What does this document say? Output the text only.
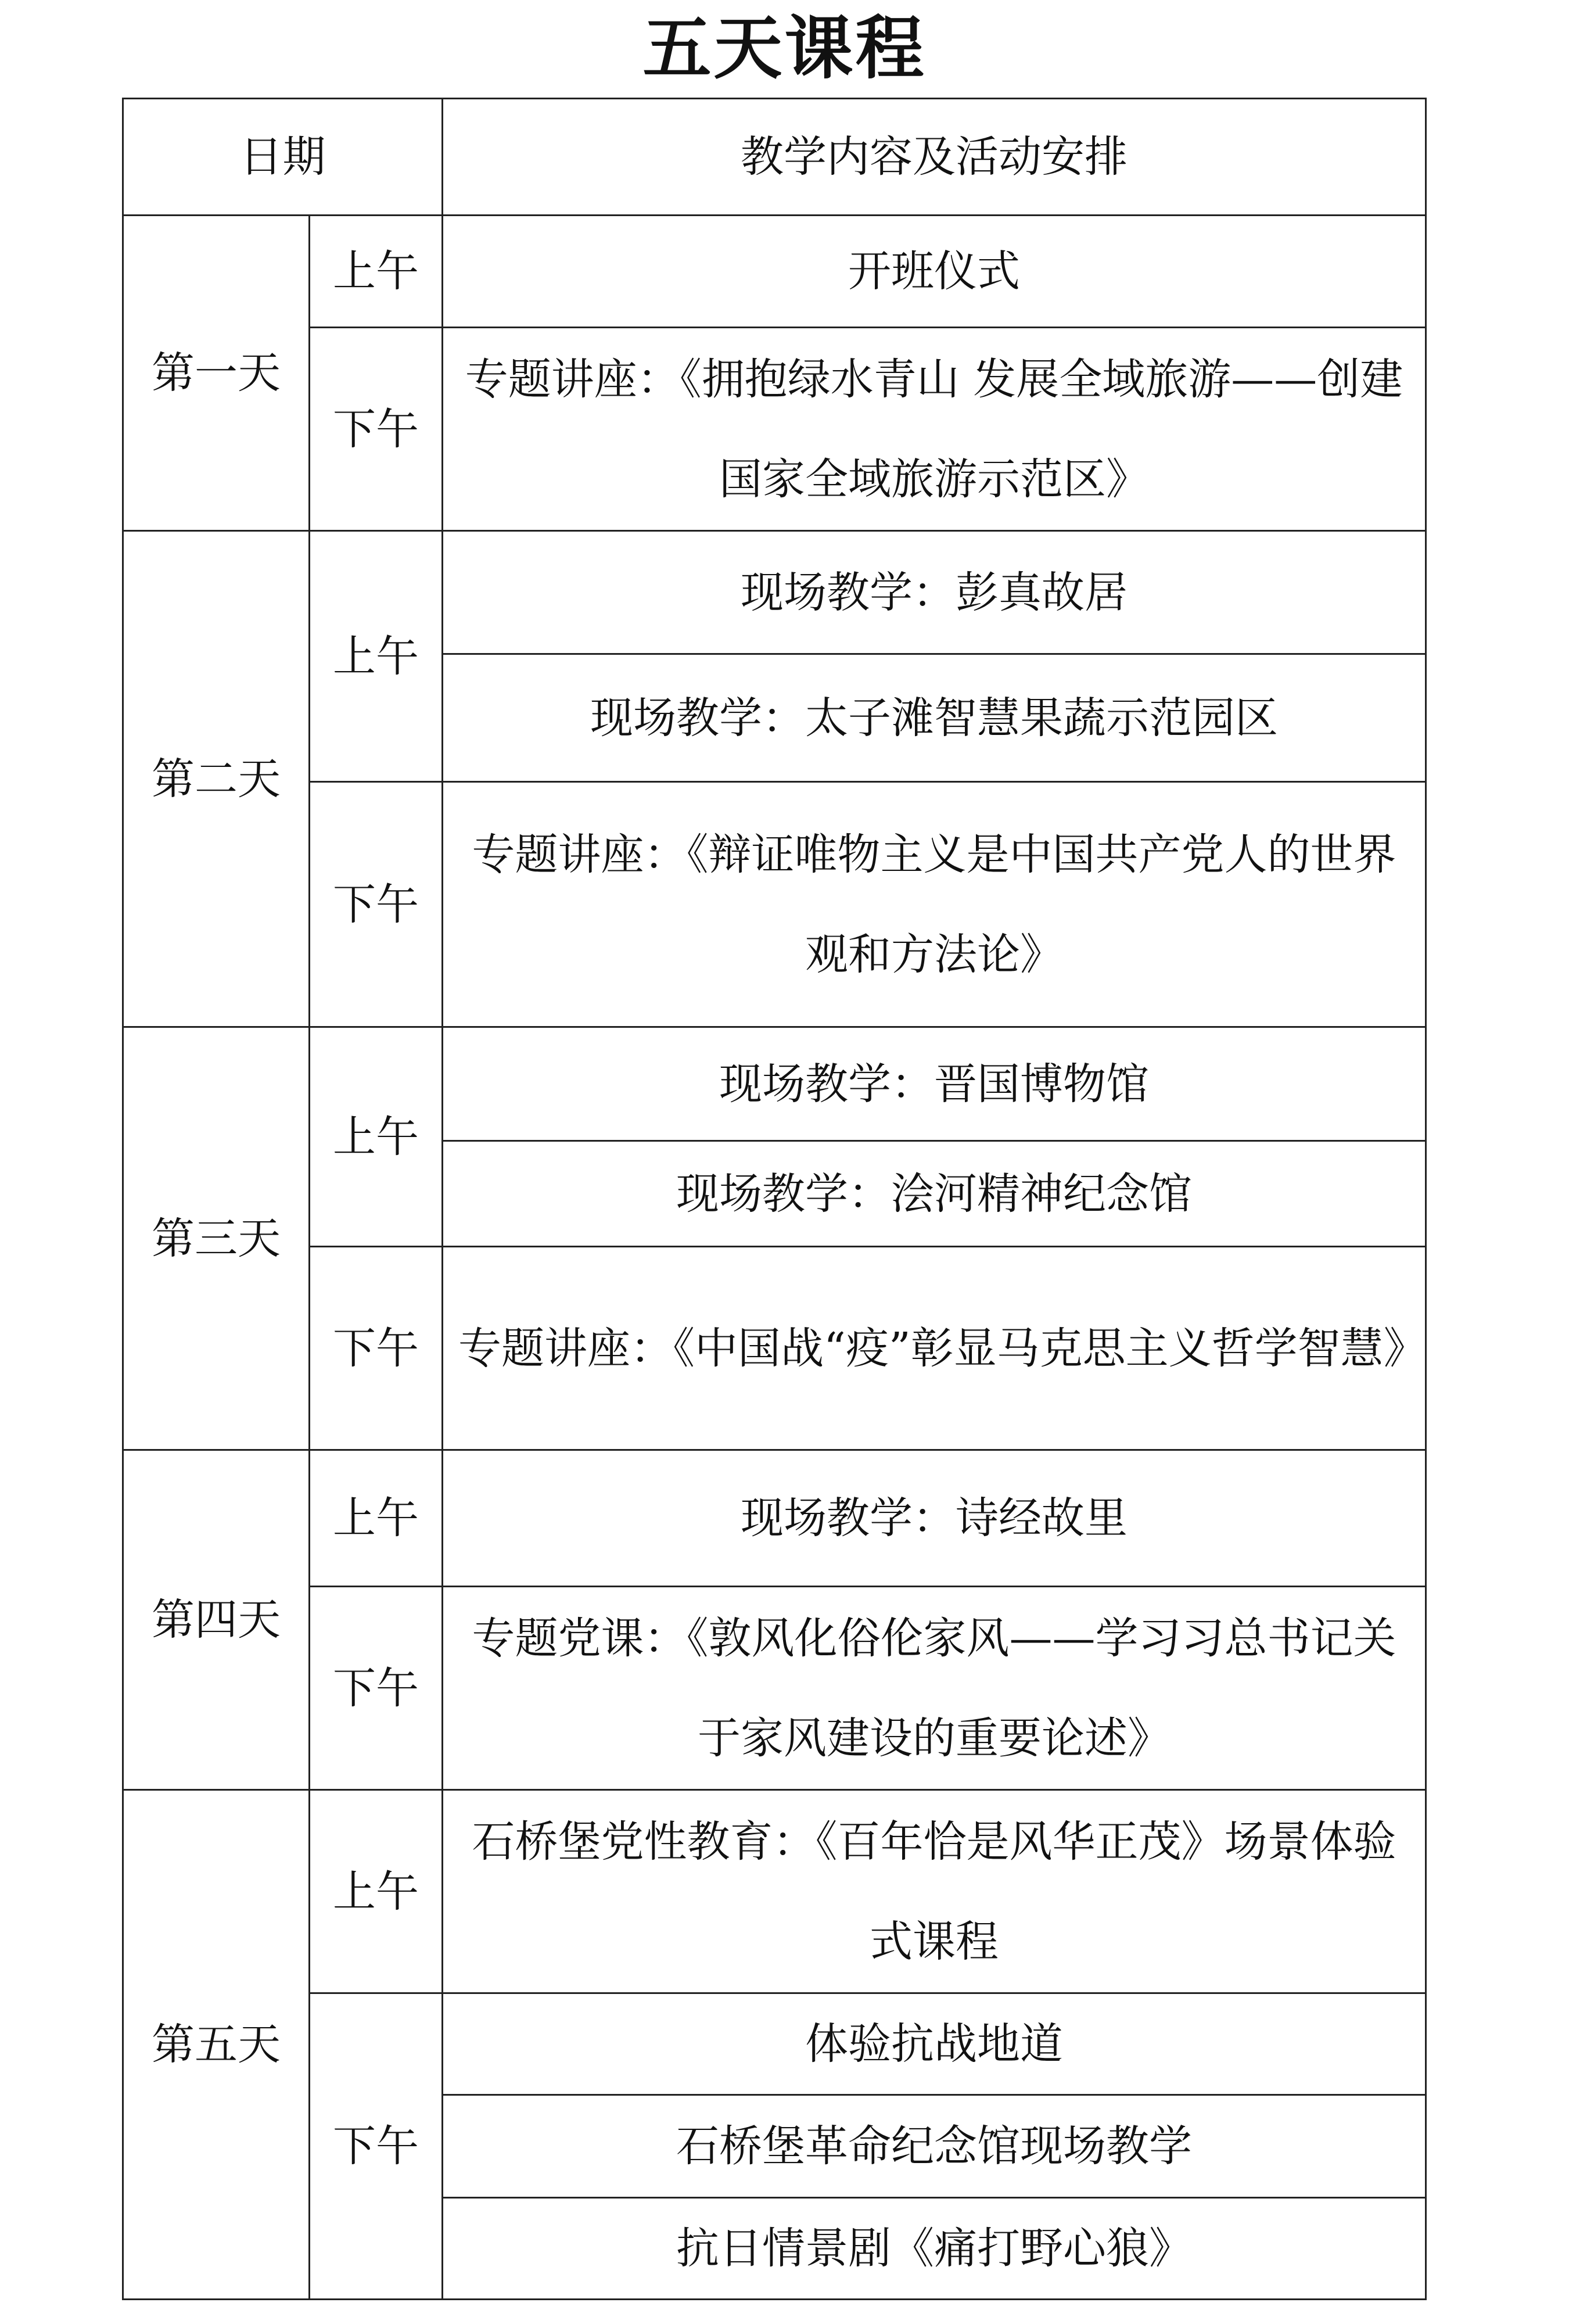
五天课程
日期		教学内容及活动安排
第一天	上午	开班仪式
	下午	专题讲座：《拥抱绿水青山 发展全域旅游——创建国家全域旅游示范区》
第二天	上午	现场教学：彭真故居
		现场教学：太子滩智慧果蔬示范园区
	下午	专题讲座：《辩证唯物主义是中国共产党人的世界观和方法论》
第三天	上午	现场教学：晋国博物馆
		现场教学：浍河精神纪念馆
	下午	专题讲座：《中国战“疫”彰显马克思主义哲学智慧》
第四天	上午	现场教学：诗经故里
	下午	专题党课：《敦风化俗伦家风——学习习总书记关于家风建设的重要论述》
第五天	上午	石桥堡党性教育：《百年恰是风华正茂》场景体验式课程
	下午	体验抗战地道
		石桥堡革命纪念馆现场教学
		抗日情景剧《痛打野心狼》
